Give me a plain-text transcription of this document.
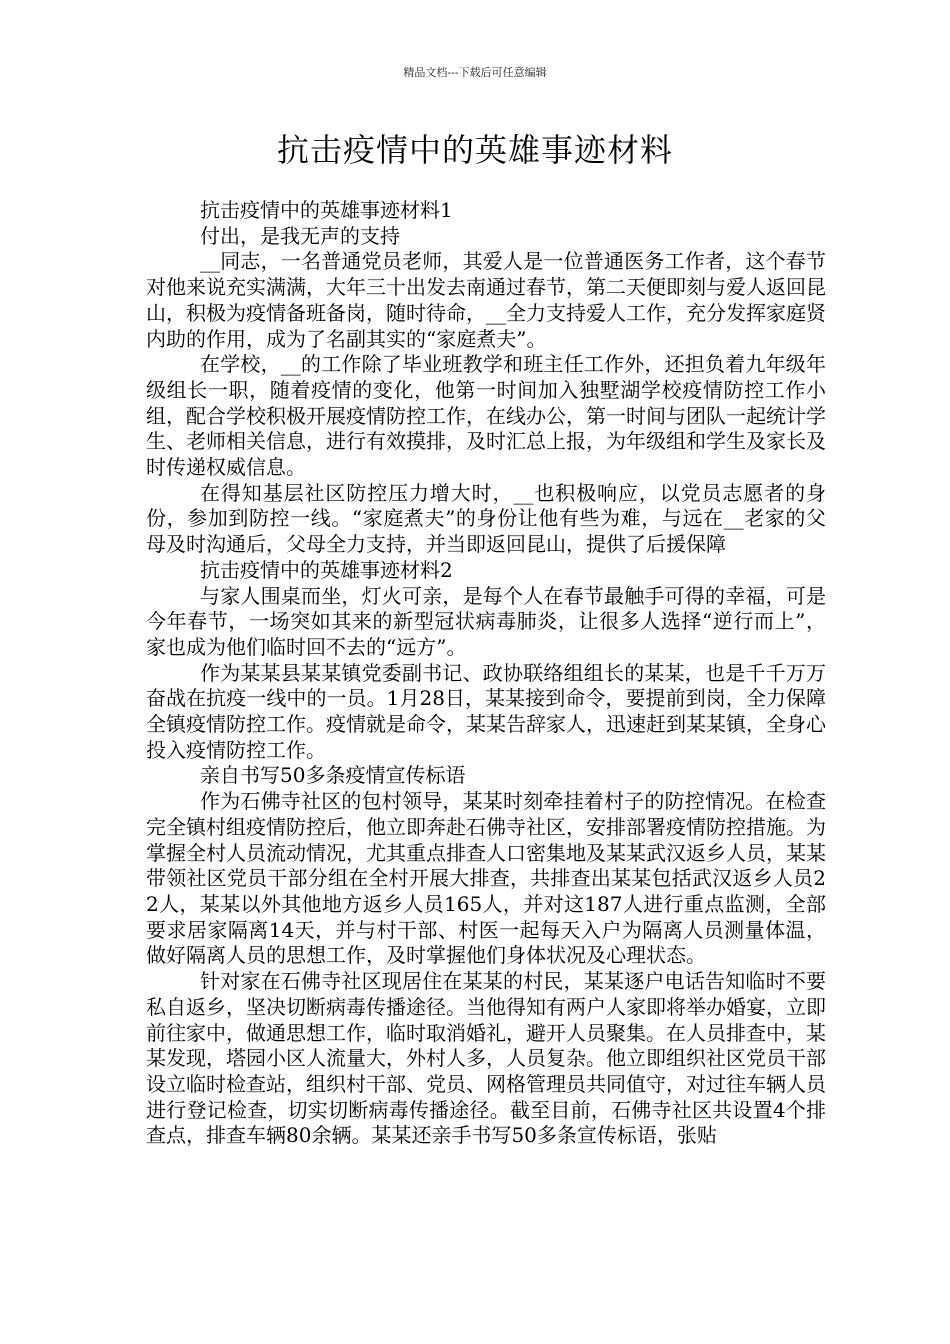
精品文档---下载后可任意编辑
抗击疫情中的英雄事迹材料

抗击疫情中的英雄事迹材料1

付出，是我无声的支持

__同志，一名普通党员老师，其爱人是一位普通医务工作者，这个春节对他来说充实满满，大年三十出发去南通过春节，第二天便即刻与爱人返回昆山，积极为疫情备班备岗，随时待命，__全力支持爱人工作，充分发挥家庭贤内助的作用，成为了名副其实的“家庭煮夫”。

在学校，__的工作除了毕业班教学和班主任工作外，还担负着九年级年级组长一职，随着疫情的变化，他第一时间加入独墅湖学校疫情防控工作小组，配合学校积极开展疫情防控工作，在线办公，第一时间与团队一起统计学生、老师相关信息，进行有效摸排，及时汇总上报，为年级组和学生及家长及时传递权威信息。

在得知基层社区防控压力增大时，__也积极响应，以党员志愿者的身份，参加到防控一线。“家庭煮夫”的身份让他有些为难，与远在__老家的父母及时沟通后，父母全力支持，并当即返回昆山，提供了后援保障

抗击疫情中的英雄事迹材料2

与家人围桌而坐，灯火可亲，是每个人在春节最触手可得的幸福，可是今年春节，一场突如其来的新型冠状病毒肺炎，让很多人选择“逆行而上”，家也成为他们临时回不去的“远方”。

作为某某县某某镇党委副书记、政协联络组组长的某某，也是千千万万奋战在抗疫一线中的一员。1月28日，某某接到命令，要提前到岗，全力保障全镇疫情防控工作。疫情就是命令，某某告辞家人，迅速赶到某某镇，全身心投入疫情防控工作。

亲自书写50多条疫情宣传标语

作为石佛寺社区的包村领导，某某时刻牵挂着村子的防控情况。在检查完全镇村组疫情防控后，他立即奔赴石佛寺社区，安排部署疫情防控措施。为掌握全村人员流动情况，尤其重点排查人口密集地及某某武汉返乡人员，某某带领社区党员干部分组在全村开展大排查，共排查出某某包括武汉返乡人员22人，某某以外其他地方返乡人员165人，并对这187人进行重点监测，全部要求居家隔离14天，并与村干部、村医一起每天入户为隔离人员测量体温，做好隔离人员的思想工作，及时掌握他们身体状况及心理状态。

针对家在石佛寺社区现居住在某某的村民，某某逐户电话告知临时不要私自返乡，坚决切断病毒传播途径。当他得知有两户人家即将举办婚宴，立即前往家中，做通思想工作，临时取消婚礼，避开人员聚集。在人员排查中，某某发现，塔园小区人流量大，外村人多，人员复杂。他立即组织社区党员干部设立临时检查站，组织村干部、党员、网格管理员共同值守，对过往车辆人员进行登记检查，切实切断病毒传播途径。截至目前，石佛寺社区共设置4个排查点，排查车辆80余辆。某某还亲手书写50多条宣传标语，张贴
